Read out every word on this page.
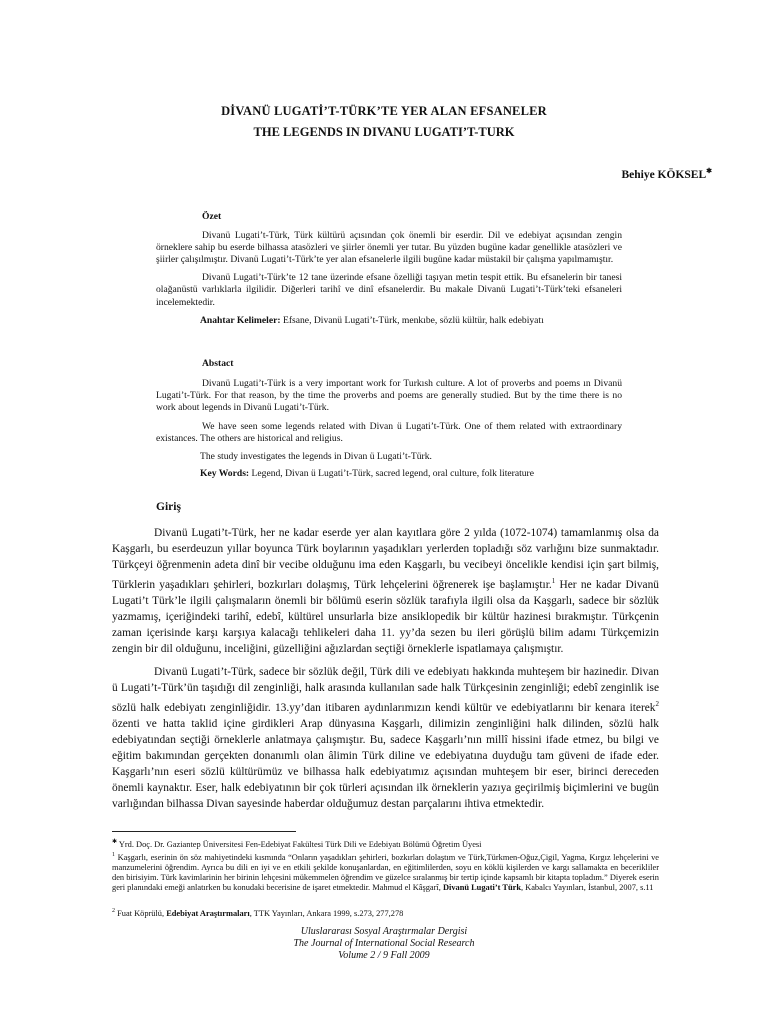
DİVANÜ LUGATİ’T-TÜRK’TE YER ALAN EFSANELER
THE LEGENDS IN DIVANU LUGATI’T-TURK
Behiye KÖKSEL✱
Özet

Divanü Lugati’t-Türk, Türk kültürü açısından çok önemli bir eserdir. Dil ve edebiyat açısından zengin örneklere sahip bu eserde bilhassa atasözleri ve şiirler önemli yer tutar. Bu yüzden bugüne kadar genellikle atasözleri ve şiirler çalışılmıştır. Divanü Lugati’t-Türk’te yer alan efsanelerle ilgili bugüne kadar müstakil bir çalışma yapılmamıştır.

Divanü Lugati’t-Türk’te 12 tane üzerinde efsane özelliği taşıyan metin tespit ettik. Bu efsanelerin bir tanesi olağanüstü varlıklarla ilgilidir. Diğerleri tarihî ve dinî efsanelerdir. Bu makale Divanü Lugati’t-Türk’teki efsaneleri incelemektedir.

Anahtar Kelimeler: Efsane, Divanü Lugati’t-Türk, menkıbe, sözlü kültür, halk edebiyatı

Abstact

Divanü Lugati’t-Türk is a very important work for Turkısh culture. A lot of proverbs and poems ın Divanü Lugati’t-Türk. For that reason, by the time the proverbs and poems are generally studied. But by the time there is no work about legends in Divanü Lugati’t-Türk.

We have seen some legends related with Divan ü Lugati’t-Türk. One of them related with extraordinary existances. The others are historical and religius.

The study investigates the legends in Divan ü Lugati’t-Türk.

Key Words: Legend, Divan ü Lugati’t-Türk, sacred legend, oral culture, folk literature

Giriş

Divanü Lugati’t-Türk, her ne kadar eserde yer alan kayıtlara göre 2 yılda (1072-1074) tamamlanmış olsa da Kaşgarlı, bu eserdeuzun yıllar boyunca Türk boylarının yaşadıkları yerlerden topladığı söz varlığını bize sunmaktadır. Türkçeyi öğrenmenin adeta dinî bir vecibe olduğunu ima eden Kaşgarlı, bu vecibeyi öncelikle kendisi için şart bilmiş, Türklerin yaşadıkları şehirleri, bozkırları dolaşmış, Türk lehçelerini öğrenerek işe başlamıştır.$^1$ Her ne kadar Divanü Lugati’t Türk’le ilgili çalışmaların önemli bir bölümü eserin sözlük tarafıyla ilgili olsa da Kaşgarlı, sadece bir sözlük yazmamış, içeriğindeki tarihî, edebî, kültürel unsurlarla bize ansiklopedik bir kültür hazinesi bırakmıştır. Türkçenin zaman içerisinde karşı karşıya kalacağı tehlikeleri daha 11. yy’da sezen bu ileri görüşlü bilim adamı Türkçemizin zengin bir dil olduğunu, inceliğini, güzelliğini ağızlardan seçtiği örneklerle ispatlamaya çalışmıştır.

Divanü Lugati’t-Türk, sadece bir sözlük değil, Türk dili ve edebiyatı hakkında muhteşem bir hazinedir. Divan ü Lugati’t-Türk’ün taşıdığı dil zenginliği, halk arasında kullanılan sade halk Türkçesinin zenginliği; edebî zenginlik ise sözlü halk edebiyatı zenginliğidir. 13.yy’dan itibaren aydınlarımızın kendi kültür ve edebiyatlarını bir kenara iterek$^2$ özenti ve hatta taklid içine girdikleri Arap dünyasına Kaşgarlı, dilimizin zenginliğini halk dilinden, sözlü halk edebiyatından seçtiği örneklerle anlatmaya çalışmıştır. Bu, sadece Kaşgarlı’nın millî hissini ifade etmez, bu bilgi ve eğitim bakımından gerçekten donanımlı olan âlimin Türk diline ve edebiyatına duyduğu tam güveni de ifade eder. Kaşgarlı’nın eseri sözlü kültürümüz ve bilhassa halk edebiyatımız açısından muhteşem bir eser, birinci dereceden önemli kaynaktır. Eser, halk edebiyatının bir çok türleri açısından ilk örneklerin yazıya geçirilmiş biçimlerini ve bugün varlığından bilhassa Divan sayesinde haberdar olduğumuz destan parçalarını ihtiva etmektedir.

✱ Yrd. Doç. Dr. Gaziantep Üniversitesi Fen-Edebiyat Fakültesi Türk Dili ve Edebiyatı Bölümü Öğretim Üyesi
$^1$ Kaşgarlı, eserinin ön söz mahiyetindeki kısmında “Onların yaşadıkları şehirleri, bozkırları dolaştım ve Türk,Türkmen-Oğuz,Çigil, Yagma, Kırgız lehçelerini ve manzumelerini öğrendim. Ayrıca bu dili en iyi ve en etkili şekilde konuşanlardan, en eğitimlilerden, soyu en köklü kişilerden ve kargı sallamakta en becerikliler den birisiyim. Türk kavimlarinin her birinin lehçesini mükemmelen öğrendim ve güzelce sıralanmış bir tertip içinde kapsamlı bir kitapta topladım.” Diyerek eserin geri planındaki emeği anlatırken bu konudaki becerisine de işaret etmektedir. Mahmud el Kâşgarî, Divanü Lugati’t Türk, Kabalcı Yayınları, İstanbul, 2007, s.11
$^2$ Fuat Köprülü, Edebiyat Araştırmaları, TTK Yayınları, Ankara 1999, s.273, 277,278
Uluslararası Sosyal Araştırmalar Dergisi
The Journal of International Social Research
Volume 2 / 9 Fall 2009
